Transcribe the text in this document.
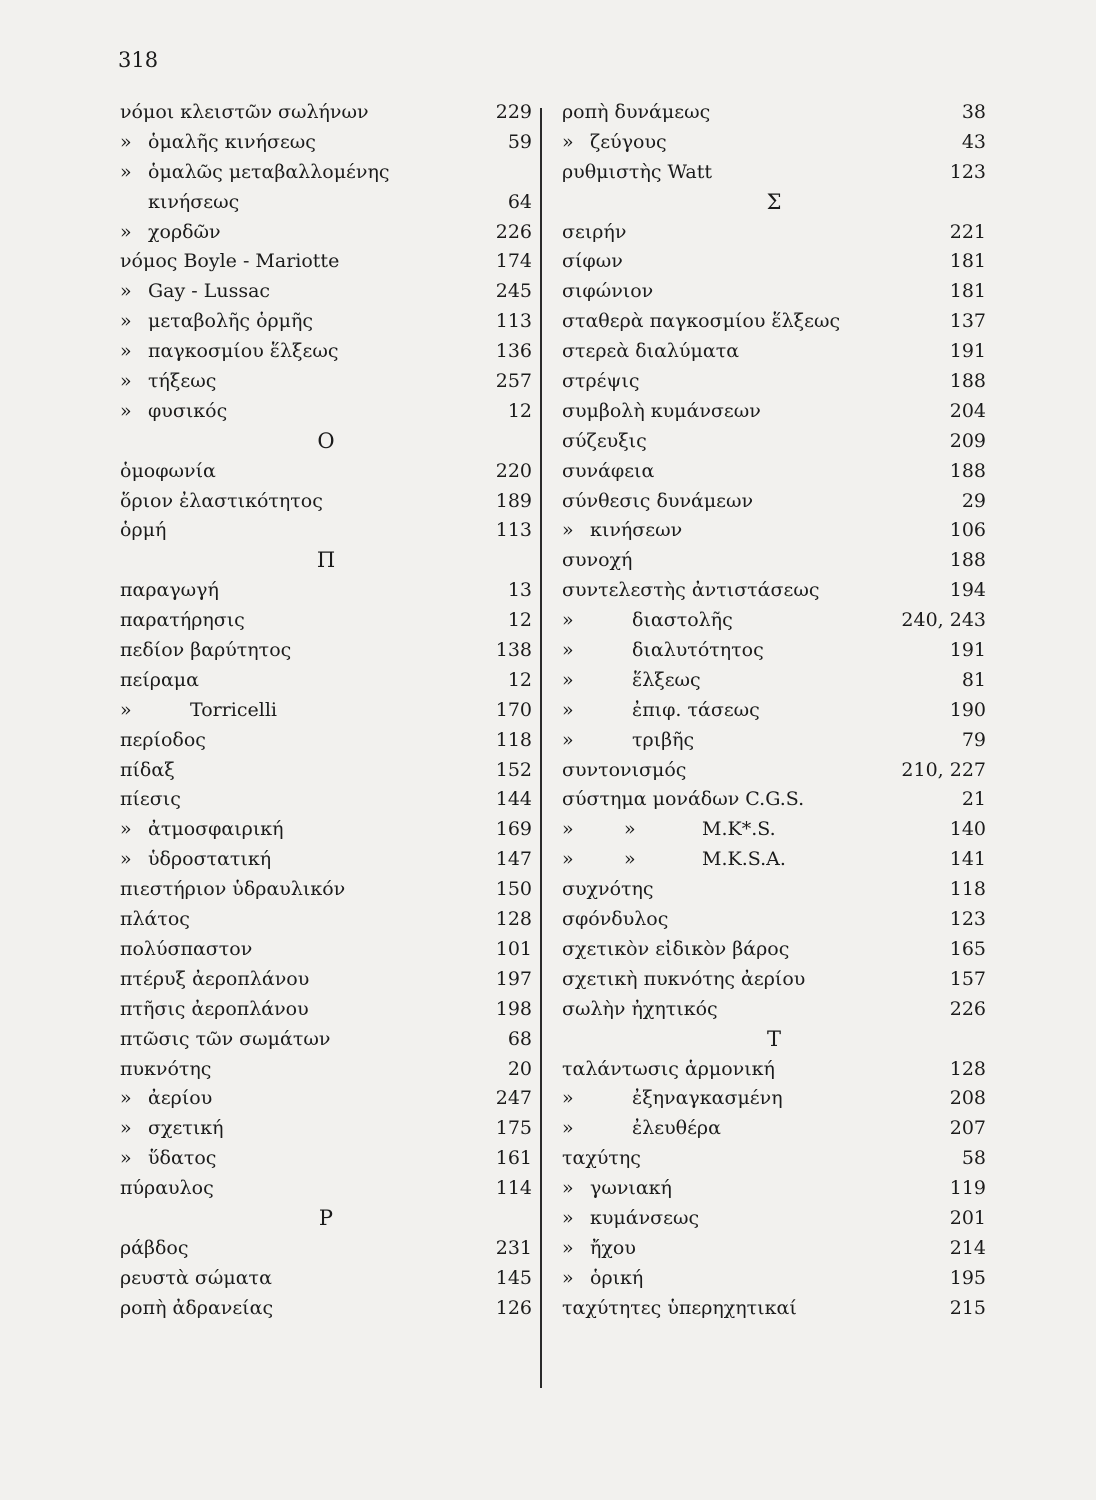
318
νόμοι κλειστῶν σωλήνων	229
» ὁμαλῆς κινήσεως	59
» ὁμαλῶς μεταβαλλομένης
κινήσεως	64
» χορδῶν	226
νόμος Boyle - Mariotte	174
» Gay - Lussac	245
» μεταβολῆς ὁρμῆς	113
» παγκοσμίου ἕλξεως	136
» τήξεως	257
» φυσικός	12
O
ὁμοφωνία	220
ὅριον ἐλαστικότητος	189
ὁρμή	113
Π
παραγωγή	13
παρατήρησις	12
πεδίον βαρύτητος	138
πείραμα	12
»	Torricelli	170
περίοδος	118
πίδαξ	152
πίεσις	144
» ἀτμοσφαιρική	169
» ὑδροστατική	147
πιεστήριον ὑδραυλικόν	150
πλάτος	128
πολύσπαστον	101
πτέρυξ ἀεροπλάνου	197
πτῆσις ἀεροπλάνου	198
πτῶσις τῶν σωμάτων	68
πυκνότης	20
» ἀερίου	247
» σχετική	175
» ὕδατος	161
πύραυλος	114
P
ράβδος	231
ρευστὰ σώματα	145
ροπὴ ἀδρανείας	126
ροπὴ δυνάμεως	38
» ζεύγους	43
ρυθμιστὴς Watt	123
Σ
σειρήν	221
σίφων	181
σιφώνιον	181
σταθερὰ παγκοσμίου ἕλξεως	137
στερεὰ διαλύματα	191
στρέψις	188
συμβολὴ κυμάνσεων	204
σύζευξις	209
συνάφεια	188
σύνθεσις δυνάμεων	29
» κινήσεων	106
συνοχή	188
συντελεστὴς ἀντιστάσεως	194
»	διαστολῆς	240, 243
»	διαλυτότητος	191
»	ἕλξεως	81
»	ἐπιφ. τάσεως	190
»	τριβῆς	79
συντονισμός	210, 227
σύστημα μονάδων C.G.S.	21
»	»	M.K*.S.	140
»	»	M.K.S.A.	141
συχνότης	118
σφόνδυλος	123
σχετικὸν εἰδικὸν βάρος	165
σχετικὴ πυκνότης ἀερίου	157
σωλὴν ἠχητικός	226
T
ταλάντωσις ἁρμονική	128
»	ἐξηναγκασμένη	208
»	ἐλευθέρα	207
ταχύτης	58
» γωνιακή	119
» κυμάνσεως	201
» ἤχου	214
» ὁρική	195
ταχύτητες ὑπερηχητικαί	215
